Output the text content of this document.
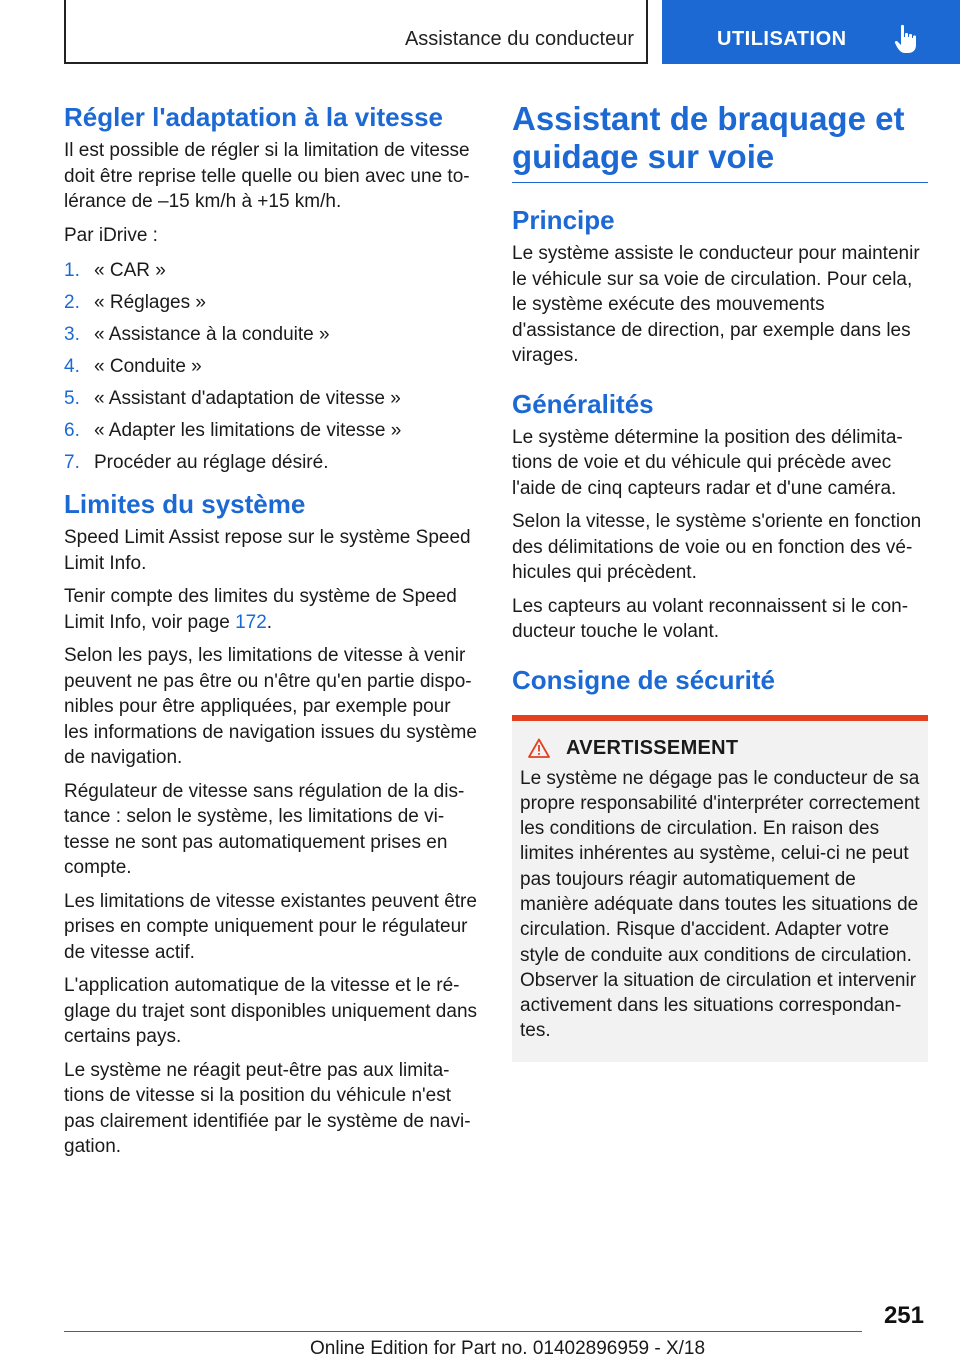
Assistance du conducteur	UTILISATION
Régler l'adaptation à la vitesse

Il est possible de régler si la limitation de vitesse doit être reprise telle quelle ou bien avec une tolérance de –15 km/h à +15 km/h.

Par iDrive :

1. « CAR »
2. « Réglages »
3. « Assistance à la conduite »
4. « Conduite »
5. « Assistant d'adaptation de vitesse »
6. « Adapter les limitations de vitesse »
7. Procéder au réglage désiré.
Limites du système

Speed Limit Assist repose sur le système Speed Limit Info.

Tenir compte des limites du système de Speed Limit Info, voir page 172.

Selon les pays, les limitations de vitesse à venir peuvent ne pas être ou n'être qu'en partie disponibles pour être appliquées, par exemple pour les informations de navigation issues du système de navigation.

Régulateur de vitesse sans régulation de la distance : selon le système, les limitations de vitesse ne sont pas automatiquement prises en compte.

Les limitations de vitesse existantes peuvent être prises en compte uniquement pour le régulateur de vitesse actif.

L'application automatique de la vitesse et le réglage du trajet sont disponibles uniquement dans certains pays.

Le système ne réagit peut-être pas aux limitations de vitesse si la position du véhicule n'est pas clairement identifiée par le système de navigation.

Assistant de braquage et guidage sur voie
Principe

Le système assiste le conducteur pour maintenir le véhicule sur sa voie de circulation. Pour cela, le système exécute des mouvements d'assistance de direction, par exemple dans les virages.

Généralités

Le système détermine la position des délimitations de voie et du véhicule qui précède avec l'aide de cinq capteurs radar et d'une caméra.

Selon la vitesse, le système s'oriente en fonction des délimitations de voie ou en fonction des véhicules qui précèdent.

Les capteurs au volant reconnaissent si le conducteur touche le volant.

Consigne de sécurité
AVERTISSEMENT

Le système ne dégage pas le conducteur de sa propre responsabilité d'interpréter correctement les conditions de circulation. En raison des limites inhérentes au système, celui-ci ne peut pas toujours réagir automatiquement de manière adéquate dans toutes les situations de circulation. Risque d'accident. Adapter votre style de conduite aux conditions de circulation. Observer la situation de circulation et intervenir activement dans les situations correspondantes.

251
Online Edition for Part no. 01402896959 - X/18
